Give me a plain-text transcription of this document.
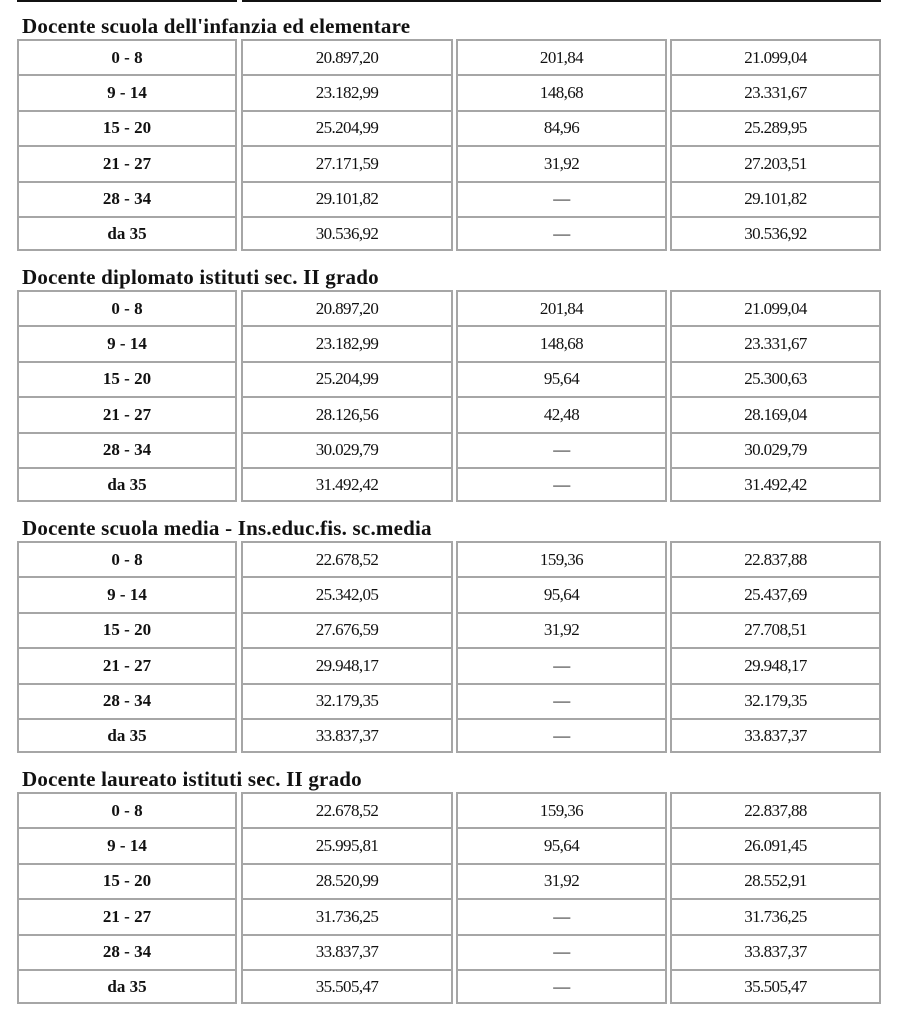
Docente scuola dell'infanzia ed elementare
0 - 8	20.897,20	201,84	21.099,04
9 - 14	23.182,99	148,68	23.331,67
15 - 20	25.204,99	84,96	25.289,95
21 - 27	27.171,59	31,92	27.203,51
28 - 34	29.101,82	—	29.101,82
da 35	30.536,92	—	30.536,92
Docente diplomato istituti sec. II grado
0 - 8	20.897,20	201,84	21.099,04
9 - 14	23.182,99	148,68	23.331,67
15 - 20	25.204,99	95,64	25.300,63
21 - 27	28.126,56	42,48	28.169,04
28 - 34	30.029,79	—	30.029,79
da 35	31.492,42	—	31.492,42
Docente scuola media - Ins.educ.fis. sc.media
0 - 8	22.678,52	159,36	22.837,88
9 - 14	25.342,05	95,64	25.437,69
15 - 20	27.676,59	31,92	27.708,51
21 - 27	29.948,17	—	29.948,17
28 - 34	32.179,35	—	32.179,35
da 35	33.837,37	—	33.837,37
Docente laureato istituti sec. II grado
0 - 8	22.678,52	159,36	22.837,88
9 - 14	25.995,81	95,64	26.091,45
15 - 20	28.520,99	31,92	28.552,91
21 - 27	31.736,25	—	31.736,25
28 - 34	33.837,37	—	33.837,37
da 35	35.505,47	—	35.505,47
